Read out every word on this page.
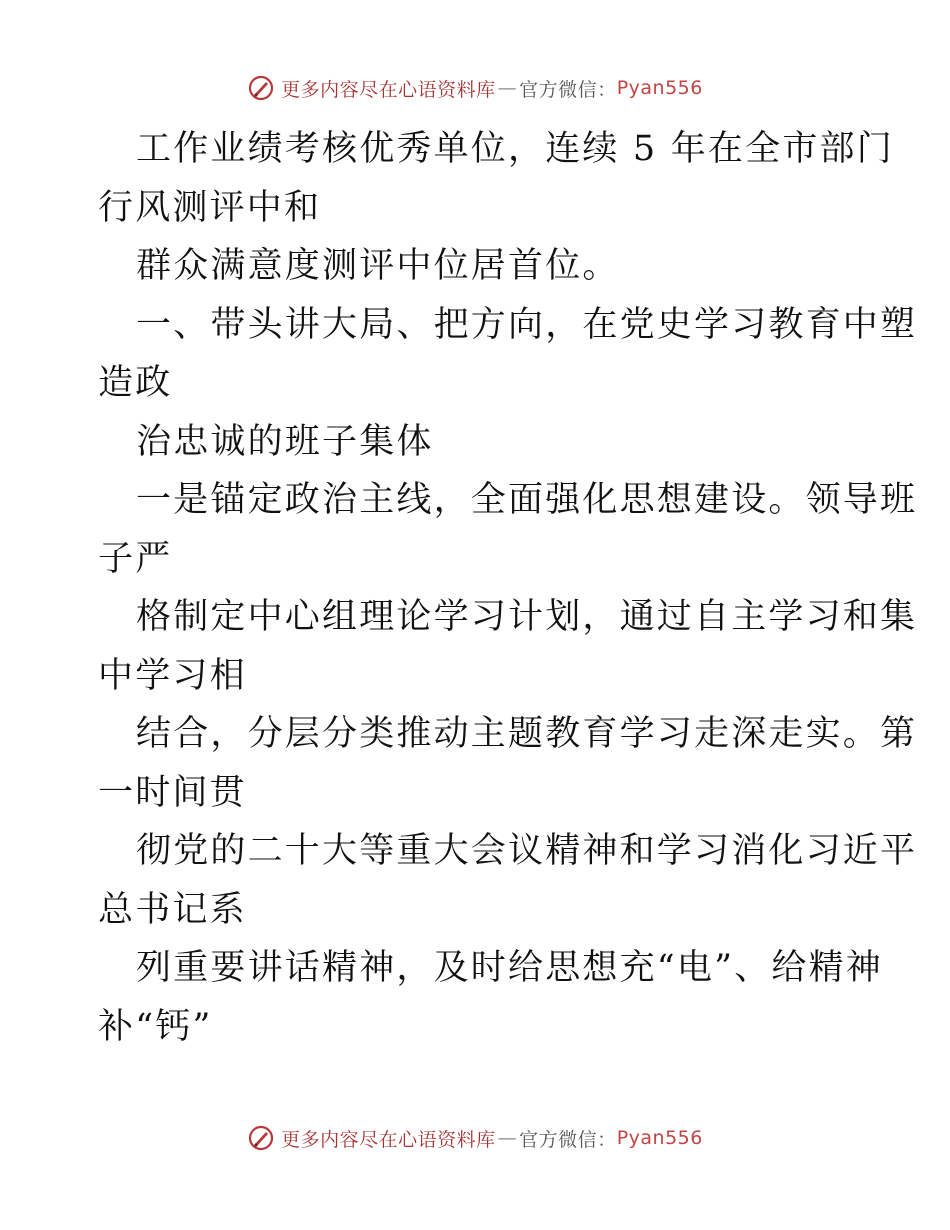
更多内容尽在心语资料库 — 官方微信： Pyan556
工作业绩考核优秀单位，连续 5 年在全市部门
行风测评中和
群众满意度测评中位居首位。
一、带头讲大局、把方向，在党史学习教育中塑
造政
治忠诚的班子集体
一是锚定政治主线，全面强化思想建设。领导班
子严
格制定中心组理论学习计划，通过自主学习和集
中学习相
结合，分层分类推动主题教育学习走深走实。第
一时间贯
彻党的二十大等重大会议精神和学习消化习近平
总书记系
列重要讲话精神，及时给思想充“电”、给精神
补“钙”
更多内容尽在心语资料库 — 官方微信： Pyan556
